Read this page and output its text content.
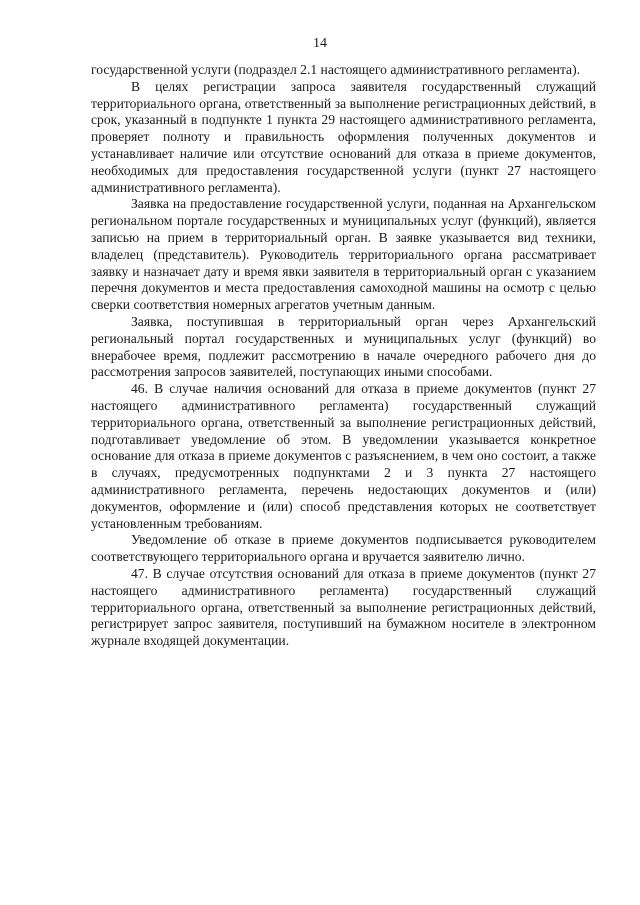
14

государственной услуги (подраздел 2.1 настоящего административного регламента).

В целях регистрации запроса заявителя государственный служащий территориального органа, ответственный за выполнение регистрационных действий, в срок, указанный в подпункте 1 пункта 29 настоящего административного регламента, проверяет полноту и правильность оформления полученных документов и устанавливает наличие или отсутствие оснований для отказа в приеме документов, необходимых для предоставления государственной услуги (пункт 27 настоящего административного регламента).

Заявка на предоставление государственной услуги, поданная на Архангельском региональном портале государственных и муниципальных услуг (функций), является записью на прием в территориальный орган. В заявке указывается вид техники, владелец (представитель). Руководитель территориального органа рассматривает заявку и назначает дату и время явки заявителя в территориальный орган с указанием перечня документов и места предоставления самоходной машины на осмотр с целью сверки соответствия номерных агрегатов учетным данным.

Заявка, поступившая в территориальный орган через Архангельский региональный портал государственных и муниципальных услуг (функций) во внерабочее время, подлежит рассмотрению в начале очередного рабочего дня до рассмотрения запросов заявителей, поступающих иными способами.

46. В случае наличия оснований для отказа в приеме документов (пункт 27 настоящего административного регламента) государственный служащий территориального органа, ответственный за выполнение регистрационных действий, подготавливает уведомление об этом. В уведомлении указывается конкретное основание для отказа в приеме документов с разъяснением, в чем оно состоит, а также в случаях, предусмотренных подпунктами 2 и 3 пункта 27 настоящего административного регламента, перечень недостающих документов и (или) документов, оформление и (или) способ представления которых не соответствует установленным требованиям.

Уведомление об отказе в приеме документов подписывается руководителем соответствующего территориального органа и вручается заявителю лично.

47. В случае отсутствия оснований для отказа в приеме документов (пункт 27 настоящего административного регламента) государственный служащий территориального органа, ответственный за выполнение регистрационных действий, регистрирует запрос заявителя, поступивший на бумажном носителе в электронном журнале входящей документации.
